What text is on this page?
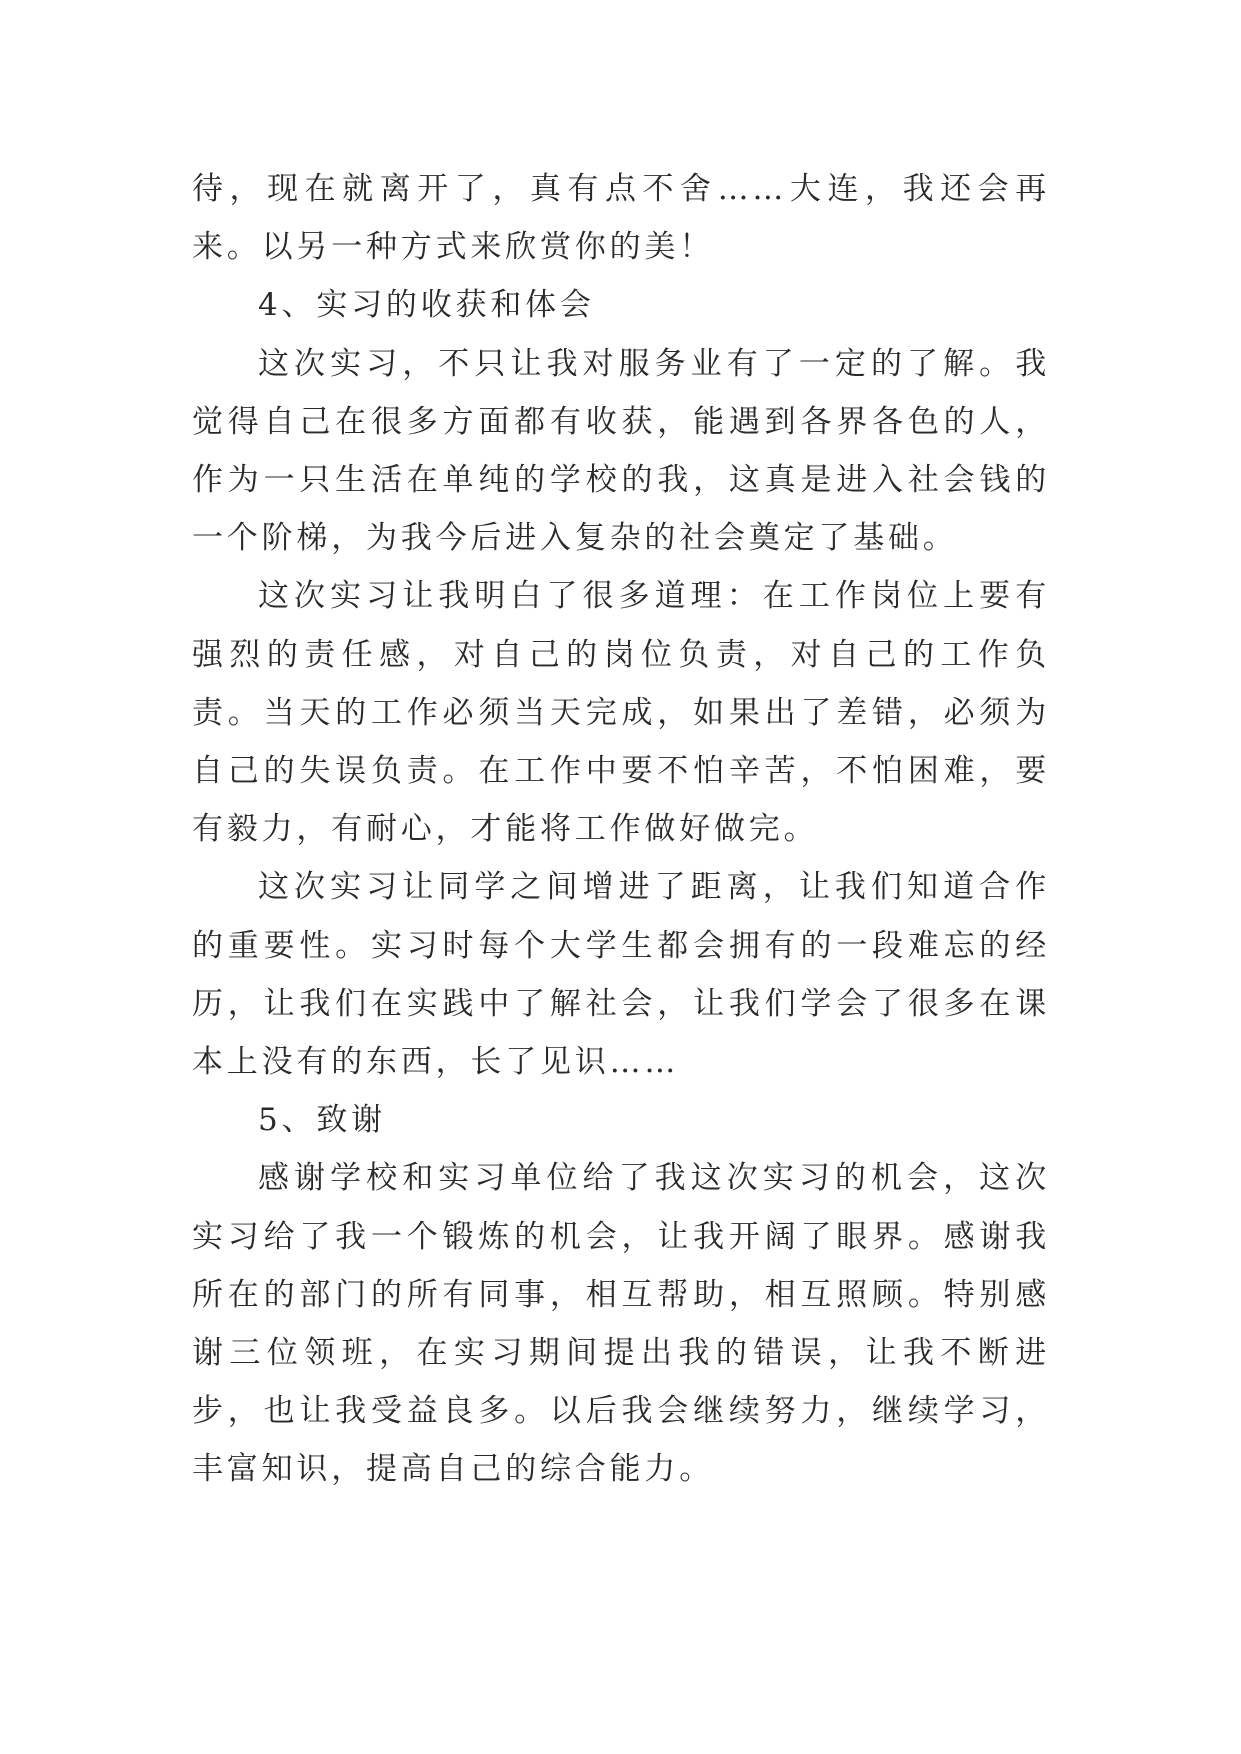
待，现在就离开了，真有点不舍……大连，我还会再来。以另一种方式来欣赏你的美！

4、实习的收获和体会

这次实习，不只让我对服务业有了一定的了解。我觉得自己在很多方面都有收获，能遇到各界各色的人，作为一只生活在单纯的学校的我，这真是进入社会钱的一个阶梯，为我今后进入复杂的社会奠定了基础。

这次实习让我明白了很多道理：在工作岗位上要有强烈的责任感，对自己的岗位负责，对自己的工作负责。当天的工作必须当天完成，如果出了差错，必须为自己的失误负责。在工作中要不怕辛苦，不怕困难，要有毅力，有耐心，才能将工作做好做完。

这次实习让同学之间增进了距离，让我们知道合作的重要性。实习时每个大学生都会拥有的一段难忘的经历，让我们在实践中了解社会，让我们学会了很多在课本上没有的东西，长了见识……

5、致谢

感谢学校和实习单位给了我这次实习的机会，这次实习给了我一个锻炼的机会，让我开阔了眼界。感谢我所在的部门的所有同事，相互帮助，相互照顾。特别感谢三位领班，在实习期间提出我的错误，让我不断进步，也让我受益良多。以后我会继续努力，继续学习，丰富知识，提高自己的综合能力。
